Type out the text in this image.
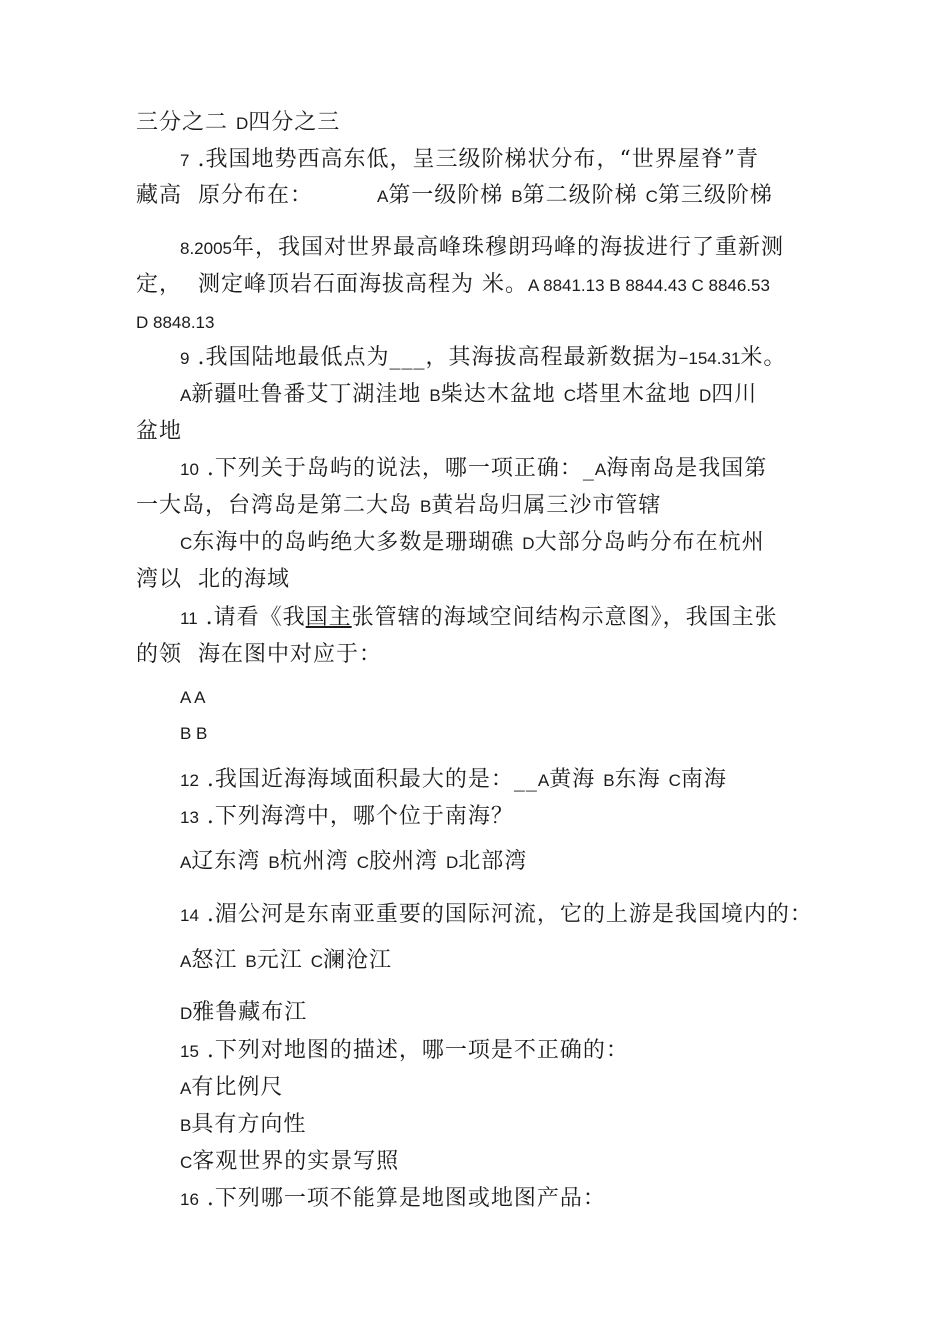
三分之二 D四分之三
7 .我国地势西高东低，呈三级阶梯状分布，“世界屋脊”青
藏高  原分布在：        A第一级阶梯 B第二级阶梯 C第三级阶梯
8.2005年，我国对世界最高峰珠穆朗玛峰的海拔进行了重新测
定，  测定峰顶岩石面海拔高程为 米。A 8841.13 B 8844.43 C 8846.53
D 8848.13
9 .我国陆地最低点为___，其海拔高程最新数据为−154.31米。
A新疆吐鲁番艾丁湖洼地 B柴达木盆地 C塔里木盆地 D四川
盆地
10 .下列关于岛屿的说法，哪一项正确：_A海南岛是我国第
一大岛，台湾岛是第二大岛 B黄岩岛归属三沙市管辖
C东海中的岛屿绝大多数是珊瑚礁 D大部分岛屿分布在杭州
湾以  北的海域
11 .请看《我国主张管辖的海域空间结构示意图》，我国主张
的领  海在图中对应于：
A A
B B
12 .我国近海海域面积最大的是：__A黄海 B东海 C南海
13 .下列海湾中，哪个位于南海？
A辽东湾 B杭州湾 C胶州湾 D北部湾
14 .湄公河是东南亚重要的国际河流，它的上游是我国境内的：
A怒江 B元江 C澜沧江
D雅鲁藏布江
15 .下列对地图的描述，哪一项是不正确的：
A有比例尺
B具有方向性
C客观世界的实景写照
16 .下列哪一项不能算是地图或地图产品：
